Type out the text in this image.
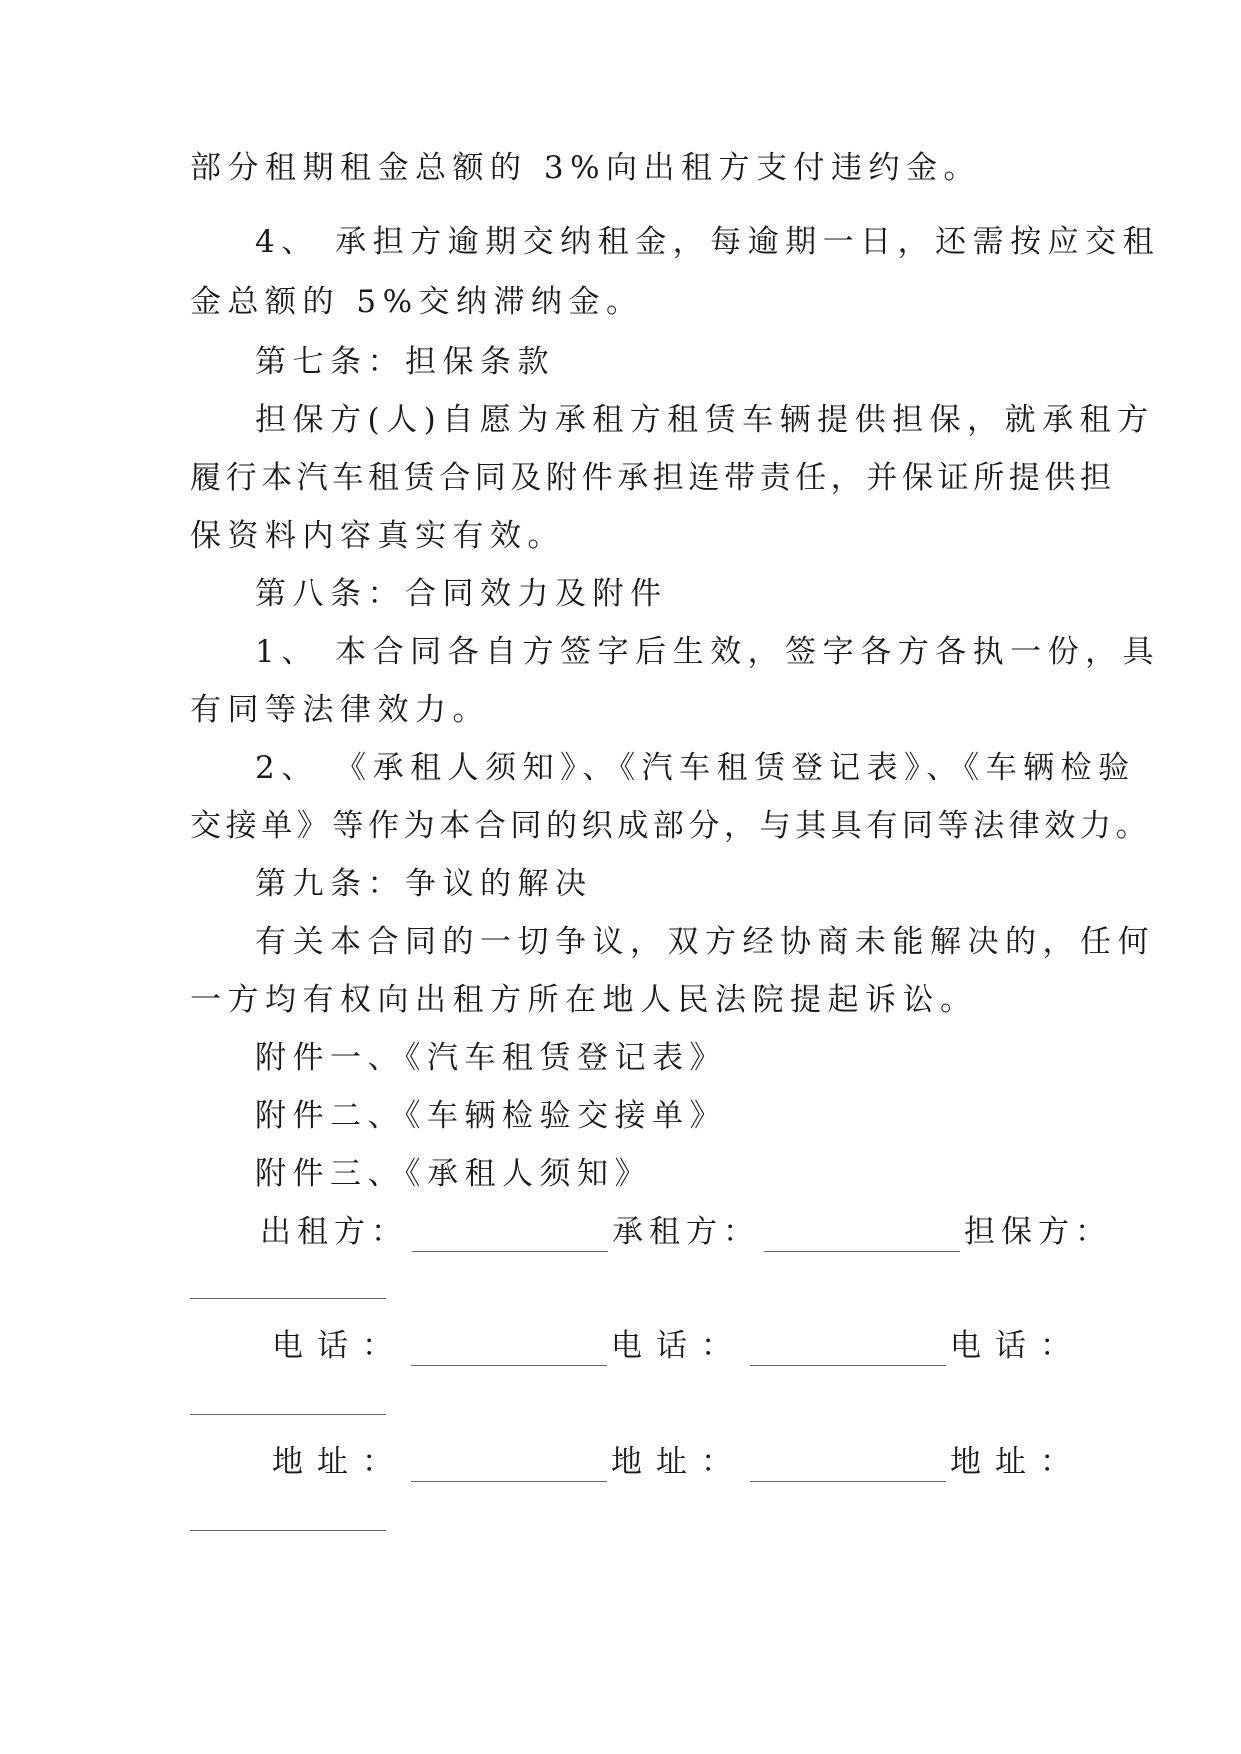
部分租期租金总额的 3%向出租方支付违约金。
4、 承担方逾期交纳租金，每逾期一日，还需按应交租
金总额的 5%交纳滞纳金。
第七条：担保条款
担保方(人)自愿为承租方租赁车辆提供担保，就承租方
履行本汽车租赁合同及附件承担连带责任，并保证所提供担
保资料内容真实有效。
第八条：合同效力及附件
1、 本合同各自方签字后生效，签字各方各执一份，具
有同等法律效力。
2、 《承租人须知》、《汽车租赁登记表》、《车辆检验
交接单》等作为本合同的织成部分，与其具有同等法律效力。
第九条：争议的解决
有关本合同的一切争议，双方经协商未能解决的，任何
一方均有权向出租方所在地人民法院提起诉讼。
附件一、《汽车租赁登记表》
附件二、《车辆检验交接单》
附件三、《承租人须知》
出租方：	承租方：	担保方：
电话：	电话：	电话：
地址：	地址：	地址：
